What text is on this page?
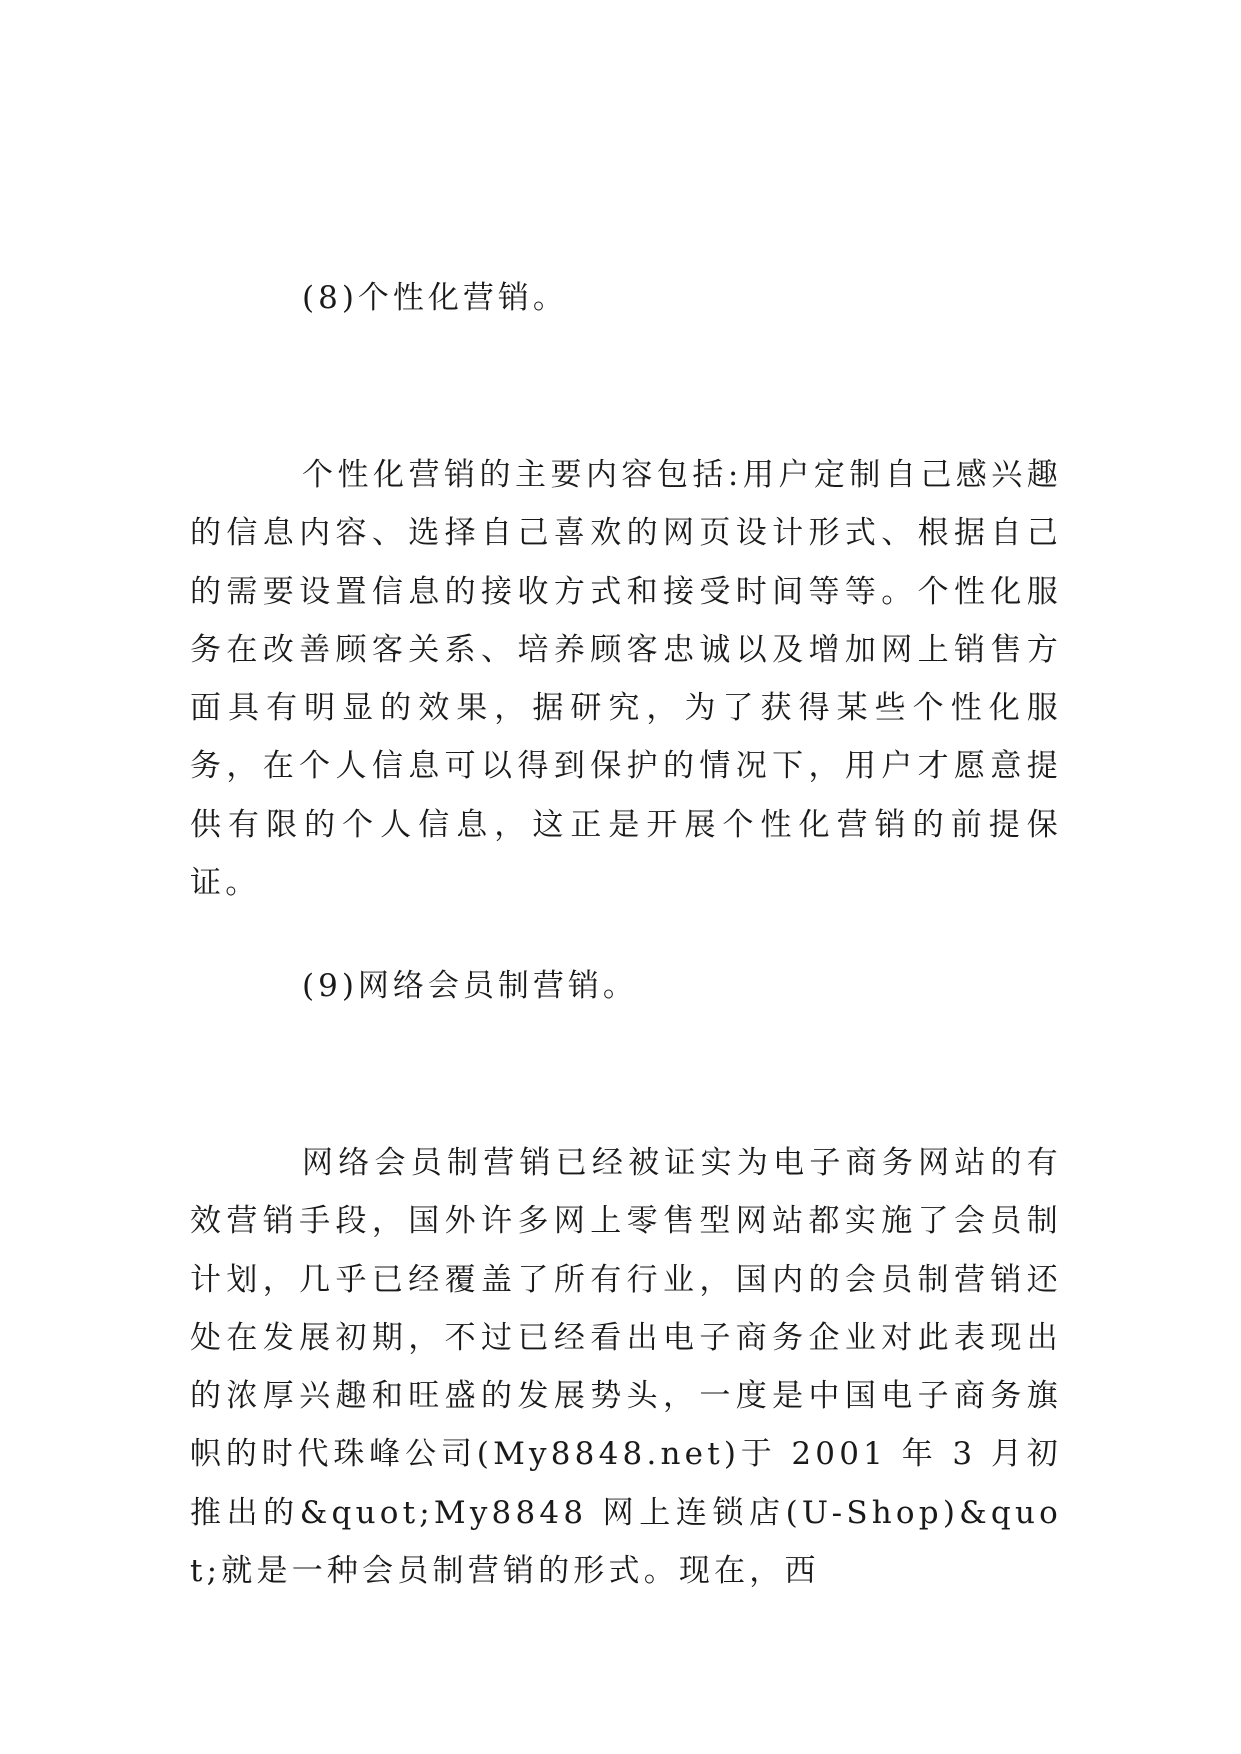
(8)个性化营销。

个性化营销的主要内容包括:用户定制自己感兴趣的信息内容、选择自己喜欢的网页设计形式、根据自己的需要设置信息的接收方式和接受时间等等。个性化服务在改善顾客关系、培养顾客忠诚以及增加网上销售方面具有明显的效果，据研究，为了获得某些个性化服务，在个人信息可以得到保护的情况下，用户才愿意提供有限的个人信息，这正是开展个性化营销的前提保证。

(9)网络会员制营销。

网络会员制营销已经被证实为电子商务网站的有效营销手段，国外许多网上零售型网站都实施了会员制计划，几乎已经覆盖了所有行业，国内的会员制营销还处在发展初期，不过已经看出电子商务企业对此表现出的浓厚兴趣和旺盛的发展势头，一度是中国电子商务旗帜的时代珠峰公司(My8848.net)于 2001 年 3 月初推出的&quot;My8848 网上连锁店(U-Shop)&quot;就是一种会员制营销的形式。现在，西
